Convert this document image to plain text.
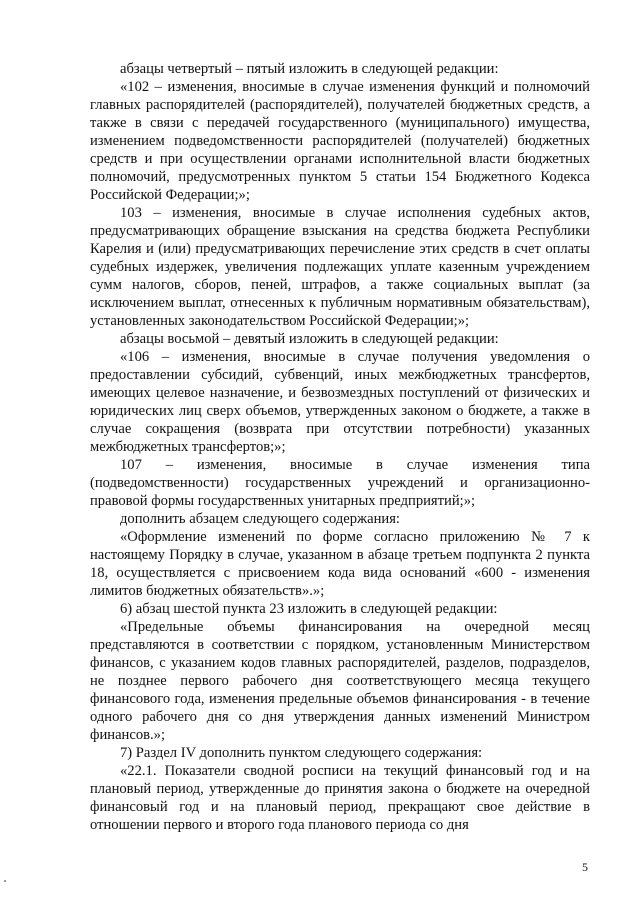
абзацы четвертый – пятый изложить в следующей редакции:

«102 – изменения, вносимые в случае изменения функций и полномочий главных распорядителей (распорядителей), получателей бюджетных средств, а также в связи с передачей государственного (муниципального) имущества, изменением подведомственности распорядителей (получателей) бюджетных средств и при осуществлении органами исполнительной власти бюджетных полномочий, предусмотренных пунктом 5 статьи 154 Бюджетного Кодекса Российской Федерации;»;

103 – изменения, вносимые в случае исполнения судебных актов, предусматривающих обращение взыскания на средства бюджета Республики Карелия и (или) предусматривающих перечисление этих средств в счет оплаты судебных издержек, увеличения подлежащих уплате казенным учреждением сумм налогов, сборов, пеней, штрафов, а также социальных выплат (за исключением выплат, отнесенных к публичным нормативным обязательствам), установленных законодательством Российской Федерации;»;

абзацы восьмой – девятый изложить в следующей редакции:

«106 – изменения, вносимые в случае получения уведомления о предоставлении субсидий, субвенций, иных межбюджетных трансфертов, имеющих целевое назначение, и безвозмездных поступлений от физических и юридических лиц сверх объемов, утвержденных законом о бюджете, а также в случае сокращения (возврата при отсутствии потребности) указанных межбюджетных трансфертов;»;

107 – изменения, вносимые в случае изменения типа (подведомственности) государственных учреждений и организационно-правовой формы государственных унитарных предприятий;»;

дополнить абзацем следующего содержания:

«Оформление изменений по форме согласно приложению № 7 к настоящему Порядку в случае, указанном в абзаце третьем подпункта 2 пункта 18, осуществляется с присвоением кода вида оснований «600 - изменения лимитов бюджетных обязательств».»;

6) абзац шестой пункта 23 изложить в следующей редакции:

«Предельные объемы финансирования на очередной месяц представляются в соответствии с порядком, установленным Министерством финансов, с указанием кодов главных распорядителей, разделов, подразделов, не позднее первого рабочего дня соответствующего месяца текущего финансового года, изменения предельные объемов финансирования - в течение одного рабочего дня со дня утверждения данных изменений Министром финансов.»;

7) Раздел IV дополнить пунктом следующего содержания:

«22.1. Показатели сводной росписи на текущий финансовый год и на плановый период, утвержденные до принятия закона о бюджете на очередной финансовый год и на плановый период, прекращают свое действие в отношении первого и второго года планового периода со дня

5
